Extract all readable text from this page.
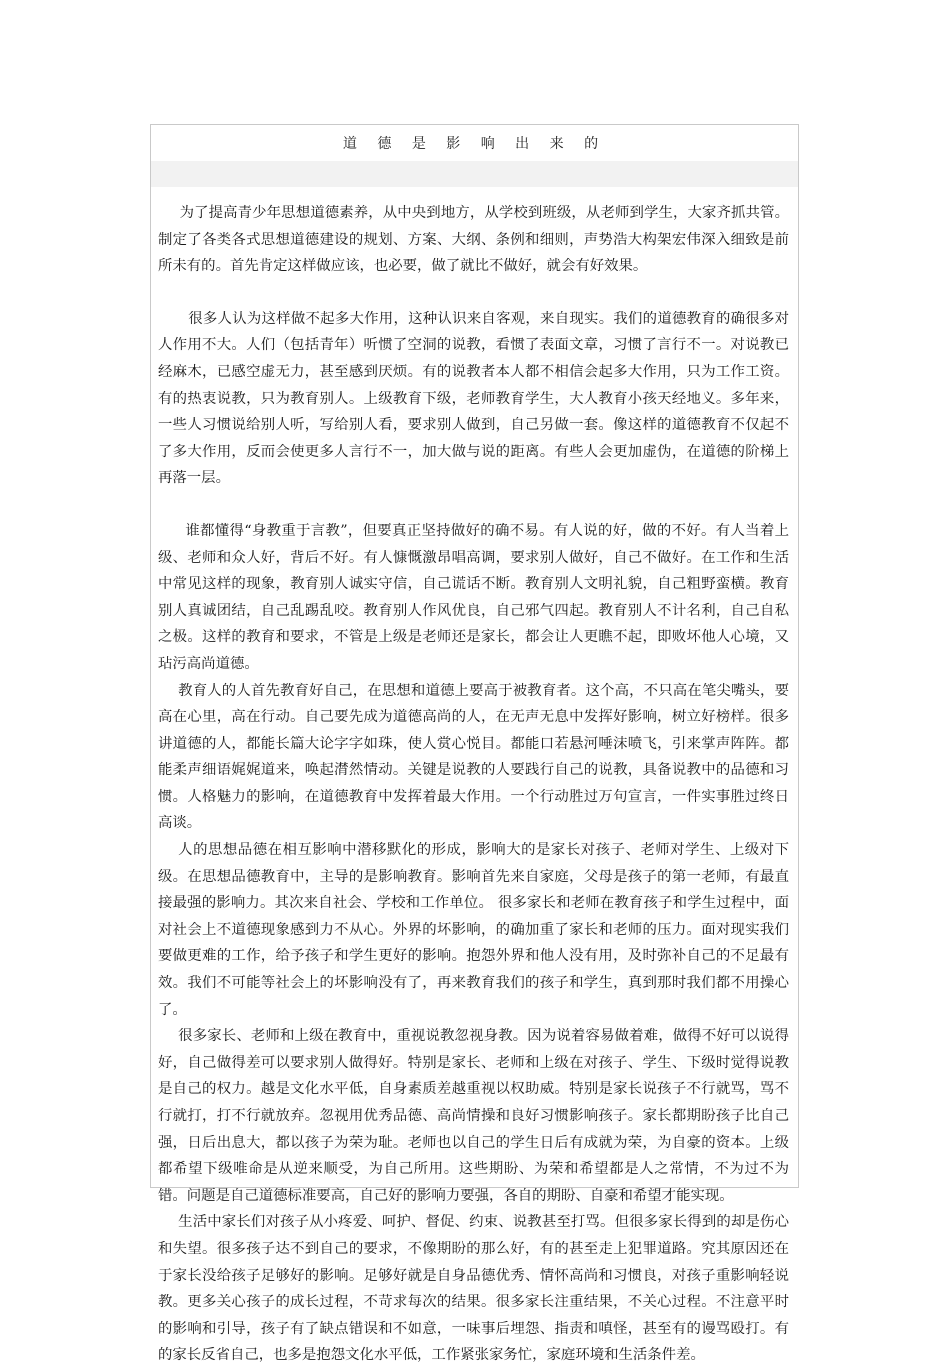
道 德 是 影 响 出 来 的

为了提高青少年思想道德素养，从中央到地方，从学校到班级，从老师到学生，大家齐抓共管。制定了各类各式思想道德建设的规划、方案、大纲、条例和细则，声势浩大构架宏伟深入细致是前所未有的。首先肯定这样做应该，也必要，做了就比不做好，就会有好效果。

很多人认为这样做不起多大作用，这种认识来自客观，来自现实。我们的道德教育的确很多对人作用不大。人们（包括青年）听惯了空洞的说教，看惯了表面文章，习惯了言行不一。对说教已经麻木，已感空虚无力，甚至感到厌烦。有的说教者本人都不相信会起多大作用，只为工作工资。有的热衷说教，只为教育别人。上级教育下级，老师教育学生，大人教育小孩天经地义。多年来，一些人习惯说给别人听，写给别人看，要求别人做到，自己另做一套。像这样的道德教育不仅起不了多大作用，反而会使更多人言行不一，加大做与说的距离。有些人会更加虚伪，在道德的阶梯上再落一层。

谁都懂得“身教重于言教”，但要真正坚持做好的确不易。有人说的好，做的不好。有人当着上级、老师和众人好，背后不好。有人慷慨激昂唱高调，要求别人做好，自己不做好。在工作和生活中常见这样的现象，教育别人诚实守信，自己谎话不断。教育别人文明礼貌，自己粗野蛮横。教育别人真诚团结，自己乱踢乱咬。教育别人作风优良，自己邪气四起。教育别人不计名利，自己自私之极。这样的教育和要求，不管是上级是老师还是家长，都会让人更瞧不起，即败坏他人心境，又玷污高尚道德。

教育人的人首先教育好自己，在思想和道德上要高于被教育者。这个高，不只高在笔尖嘴头，要高在心里，高在行动。自己要先成为道德高尚的人，在无声无息中发挥好影响，树立好榜样。很多讲道德的人，都能长篇大论字字如珠，使人赏心悦目。都能口若悬河唾沫喷飞，引来掌声阵阵。都能柔声细语娓娓道来，唤起潸然情动。关键是说教的人要践行自己的说教，具备说教中的品德和习惯。人格魅力的影响，在道德教育中发挥着最大作用。一个行动胜过万句宣言，一件实事胜过终日高谈。

人的思想品德在相互影响中潜移默化的形成，影响大的是家长对孩子、老师对学生、上级对下级。在思想品德教育中，主导的是影响教育。影响首先来自家庭，父母是孩子的第一老师，有最直接最强的影响力。其次来自社会、学校和工作单位。 很多家长和老师在教育孩子和学生过程中，面对社会上不道德现象感到力不从心。外界的坏影响，的确加重了家长和老师的压力。面对现实我们要做更难的工作，给予孩子和学生更好的影响。抱怨外界和他人没有用，及时弥补自己的不足最有效。我们不可能等社会上的坏影响没有了，再来教育我们的孩子和学生，真到那时我们都不用操心了。

很多家长、老师和上级在教育中，重视说教忽视身教。因为说着容易做着难，做得不好可以说得好，自己做得差可以要求别人做得好。特别是家长、老师和上级在对孩子、学生、下级时觉得说教是自己的权力。越是文化水平低，自身素质差越重视以权助威。特别是家长说孩子不行就骂，骂不行就打，打不行就放弃。忽视用优秀品德、高尚情操和良好习惯影响孩子。家长都期盼孩子比自己强，日后出息大，都以孩子为荣为耻。老师也以自己的学生日后有成就为荣，为自豪的资本。上级都希望下级唯命是从逆来顺受，为自己所用。这些期盼、为荣和希望都是人之常情，不为过不为错。问题是自己道德标准要高，自己好的影响力要强，各自的期盼、自豪和希望才能实现。

生活中家长们对孩子从小疼爱、呵护、督促、约束、说教甚至打骂。但很多家长得到的却是伤心和失望。很多孩子达不到自己的要求，不像期盼的那么好，有的甚至走上犯罪道路。究其原因还在于家长没给孩子足够好的影响。足够好就是自身品德优秀、情怀高尚和习惯良，对孩子重影响轻说教。更多关心孩子的成长过程，不苛求每次的结果。很多家长注重结果，不关心过程。不注意平时的影响和引导，孩子有了缺点错误和不如意，一味事后埋怨、指责和嗔怪，甚至有的谩骂殴打。有的家长反省自己，也多是抱怨文化水平低，工作紧张家务忙，家庭环境和生活条件差。
